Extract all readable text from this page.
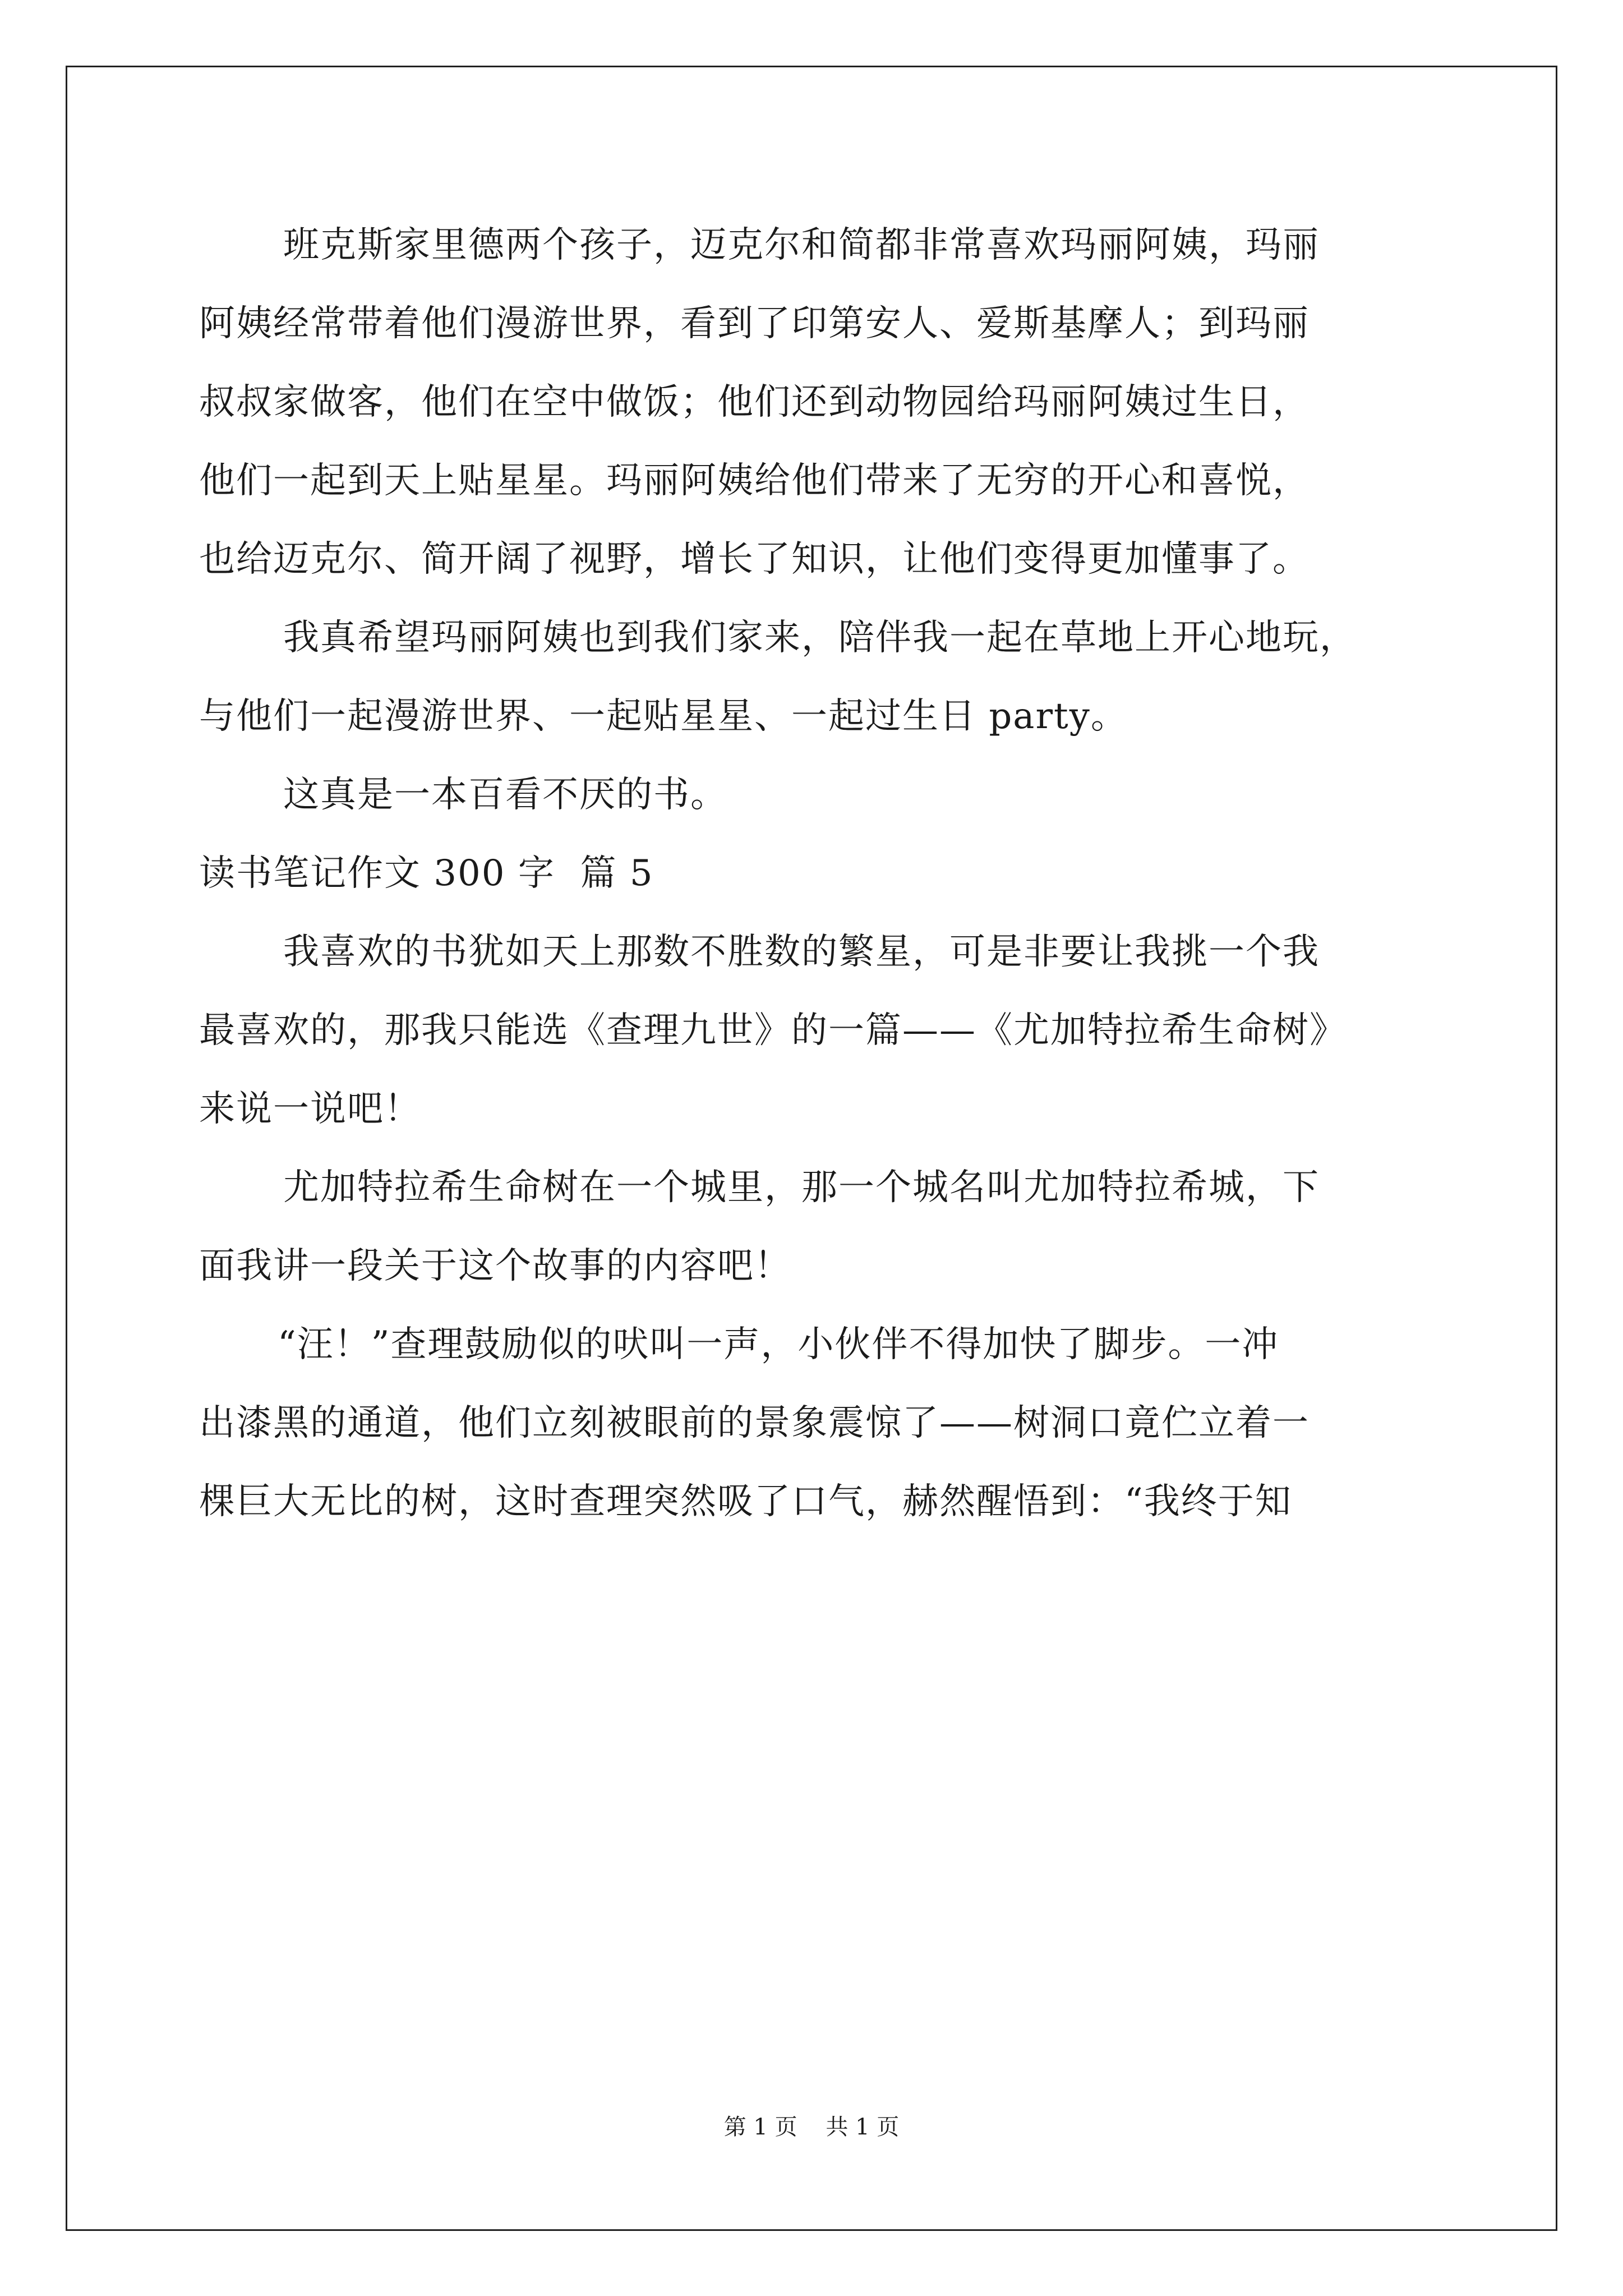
班克斯家里德两个孩子，迈克尔和简都非常喜欢玛丽阿姨，玛丽
阿姨经常带着他们漫游世界，看到了印第安人、爱斯基摩人；到玛丽
叔叔家做客，他们在空中做饭；他们还到动物园给玛丽阿姨过生日，
他们一起到天上贴星星。玛丽阿姨给他们带来了无穷的开心和喜悦，
也给迈克尔、简开阔了视野，增长了知识，让他们变得更加懂事了。
我真希望玛丽阿姨也到我们家来，陪伴我一起在草地上开心地玩，
与他们一起漫游世界、一起贴星星、一起过生日 party。
这真是一本百看不厌的书。
读书笔记作文 300 字  篇 5
我喜欢的书犹如天上那数不胜数的繁星，可是非要让我挑一个我
最喜欢的，那我只能选《查理九世》的一篇——《尤加特拉希生命树》
来说一说吧！
尤加特拉希生命树在一个城里，那一个城名叫尤加特拉希城，下
面我讲一段关于这个故事的内容吧！
“汪！”查理鼓励似的吠叫一声，小伙伴不得加快了脚步。一冲
出漆黑的通道，他们立刻被眼前的景象震惊了——树洞口竟伫立着一
棵巨大无比的树，这时查理突然吸了口气，赫然醒悟到：“我终于知
第 1 页    共 1 页
